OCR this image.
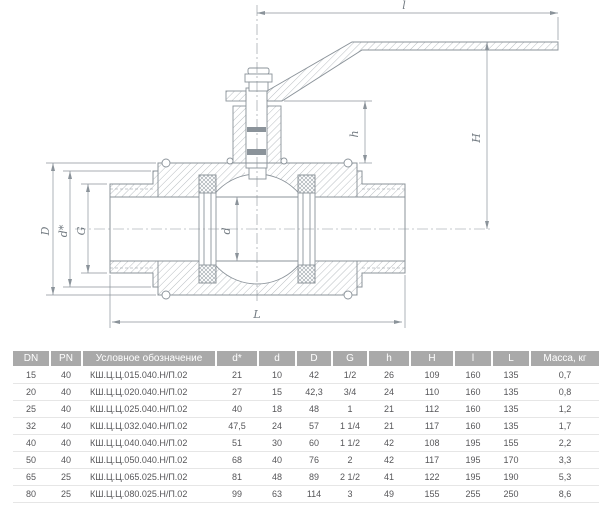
l
H
h
D d* G	d
L
DN	PN	Условное обозначение	d*	d	D	G	h	H	l	L	Масса, кг
15	40	КШ.Ц.Ц.015.040.Н/П.02	21	10	42	1/2	26	109	160	135	0,7
20	40	КШ.Ц.Ц.020.040.Н/П.02	27	15	42,3	3/4	24	110	160	135	0,8
25	40	КШ.Ц.Ц.025.040.Н/П.02	40	18	48	1	21	112	160	135	1,2
32	40	КШ.Ц.Ц.032.040.Н/П.02	47,5	24	57	1 1/4	21	117	160	135	1,7
40	40	КШ.Ц.Ц.040.040.Н/П.02	51	30	60	1 1/2	42	108	195	155	2,2
50	40	КШ.Ц.Ц.050.040.Н/П.02	68	40	76	2	42	117	195	170	3,3
65	25	КШ.Ц.Ц.065.025.Н/П.02	81	48	89	2 1/2	41	122	195	190	5,3
80	25	КШ.Ц.Ц.080.025.Н/П.02	99	63	114	3	49	155	255	250	8,6
